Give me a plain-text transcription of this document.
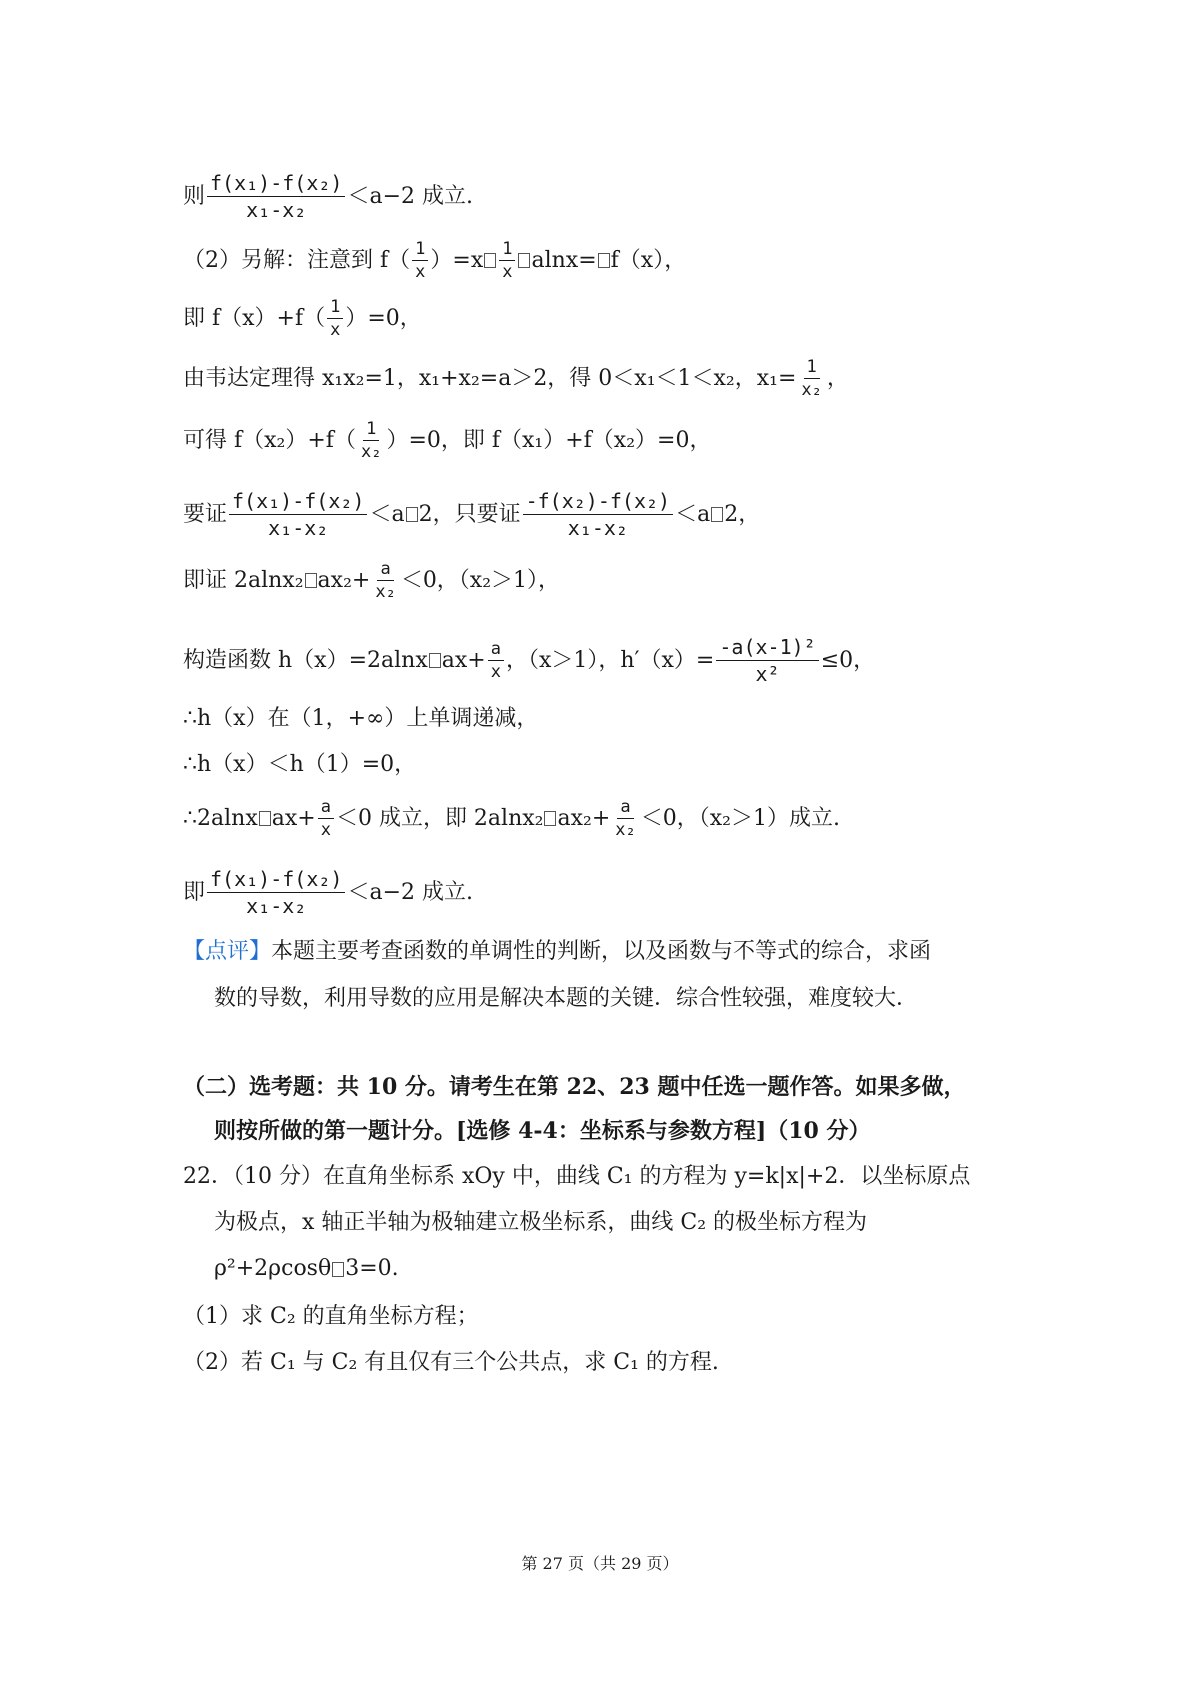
则 $\frac{\text{f(x₁)-f(x₂)}}{\text{x₁-x₂}} <a-2$ 成立.
（2）另解：注意到 $f( \frac{1}{x} )=x \frac{1}{x} alnx= f(x)$，
即 $f(x)+f( \frac{1}{x} )=0$，
由韦达定理得 x₁x₂=1，x₁+x₂=a＞2，得 0＜x₁＜1＜x₂，$x_1= \frac{1}{\text{x₂}}$ ，
可得 $f(x_2)+f( \frac{1}{\text{x₂}} )=0$，即 f（x₁）+f（x₂）=0，
要证 $\frac{\text{f(x₁)-f(x₂)}}{\text{x₁-x₂}} <a$ 2，只要证 $\frac{\text{-f(x₂)-f(x₂)}}{\text{x₁-x₂}} <a$ 2，
即证 2alnx₂ $ax_2+ \frac{a}{\text{x₂}} <0$，（x₂＞1），
构造函数 h（x）=2alnx $ax+ \frac{a}{x}$ ，（x＞1），$h'(x)= \frac{\text{-a(x-1)²}}{\text{x²}} \le 0$，
∴h（x）在（1，+∞）上单调递减，
∴h（x）＜h（1）=0，
∴2alnx $ax+ \frac{a}{x} <0$ 成立，即 2alnx₂ $ax_2+ \frac{a}{\text{x₂}} <0$，（x₂＞1）成立.
即 $\frac{\text{f(x₁)-f(x₂)}}{\text{x₁-x₂}} <a-2$ 成立.
【点评】 本题主要考查函数的单调性的判断，以及函数与不等式的综合，求函
数的导数，利用导数的应用是解决本题的关键．综合性较强，难度较大．
（二）选考题：共 10 分。请考生在第 22、23 题中任选一题作答。如果多做，
则按所做的第一题计分。[选修 4-4：坐标系与参数方程]（10 分）
22．（10 分）在直角坐标系 xOy 中，曲线 C₁ 的方程为 y=k|x|+2．以坐标原点
为极点，x 轴正半轴为极轴建立极坐标系，曲线 C₂ 的极坐标方程为
ρ²+2ρcosθ 3=0.
（1）求 C₂ 的直角坐标方程；
（2）若 C₁ 与 C₂ 有且仅有三个公共点，求 C₁ 的方程.
第 27 页（共 29 页）
